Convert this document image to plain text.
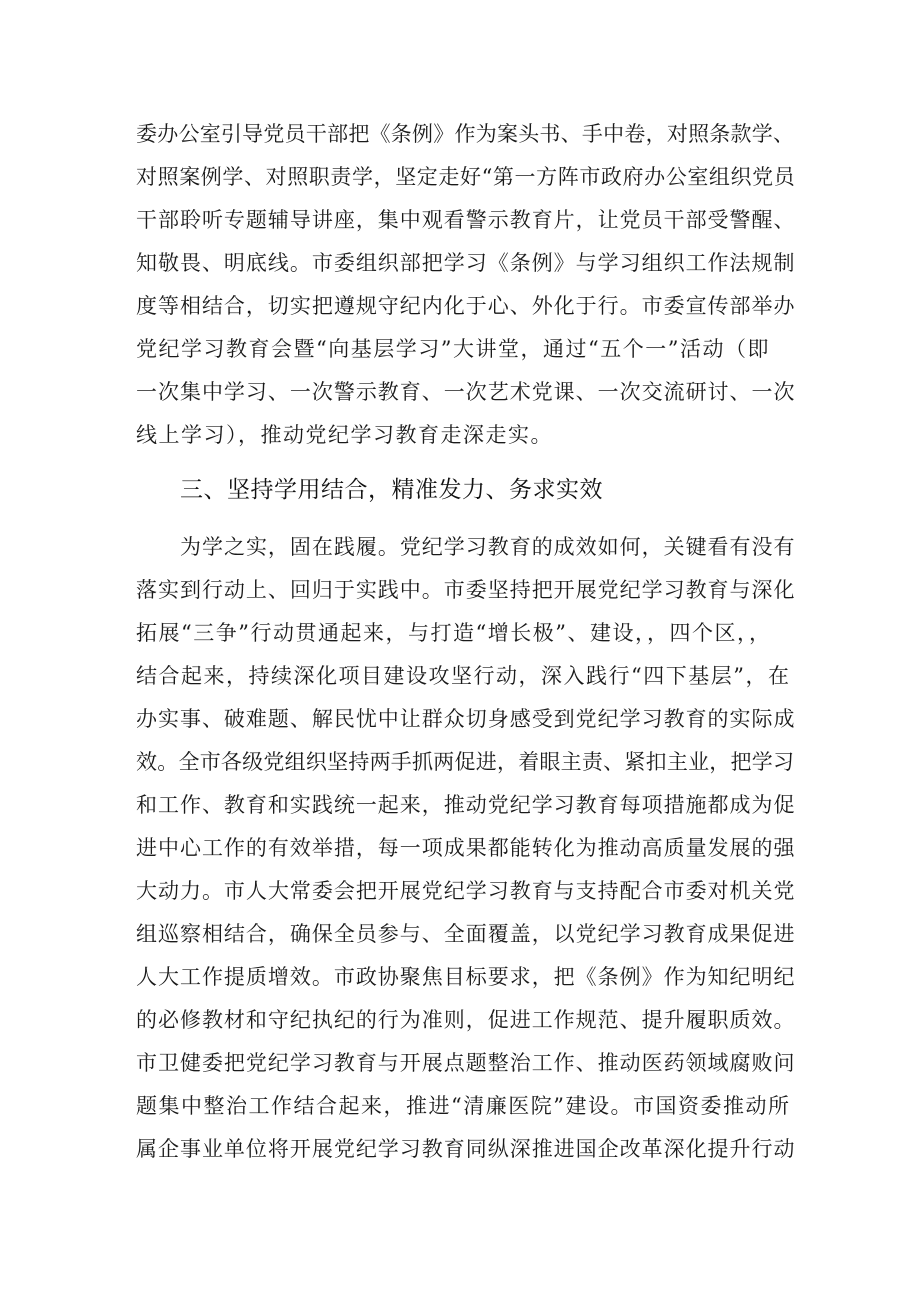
委办公室引导党员干部把《条例》作为案头书、手中卷，对照条款学、
对照案例学、对照职责学，坚定走好“第一方阵市政府办公室组织党员
干部聆听专题辅导讲座，集中观看警示教育片，让党员干部受警醒、
知敬畏、明底线。市委组织部把学习《条例》与学习组织工作法规制
度等相结合，切实把遵规守纪内化于心、外化于行。市委宣传部举办
党纪学习教育会暨“向基层学习”大讲堂，通过“五个一”活动（即
一次集中学习、一次警示教育、一次艺术党课、一次交流研讨、一次
线上学习），推动党纪学习教育走深走实。
三、坚持学用结合，精准发力、务求实效
为学之实，固在践履。党纪学习教育的成效如何，关键看有没有
落实到行动上、回归于实践中。市委坚持把开展党纪学习教育与深化
拓展“三争”行动贯通起来，与打造“增长极”、建设，，四个区，，
结合起来，持续深化项目建设攻坚行动，深入践行“四下基层”，在
办实事、破难题、解民忧中让群众切身感受到党纪学习教育的实际成
效。全市各级党组织坚持两手抓两促进，着眼主责、紧扣主业，把学习
和工作、教育和实践统一起来，推动党纪学习教育每项措施都成为促
进中心工作的有效举措，每一项成果都能转化为推动高质量发展的强
大动力。市人大常委会把开展党纪学习教育与支持配合市委对机关党
组巡察相结合，确保全员参与、全面覆盖，以党纪学习教育成果促进
人大工作提质增效。市政协聚焦目标要求，把《条例》作为知纪明纪
的必修教材和守纪执纪的行为准则，促进工作规范、提升履职质效。
市卫健委把党纪学习教育与开展点题整治工作、推动医药领域腐败问
题集中整治工作结合起来，推进“清廉医院”建设。市国资委推动所
属企事业单位将开展党纪学习教育同纵深推进国企改革深化提升行动
